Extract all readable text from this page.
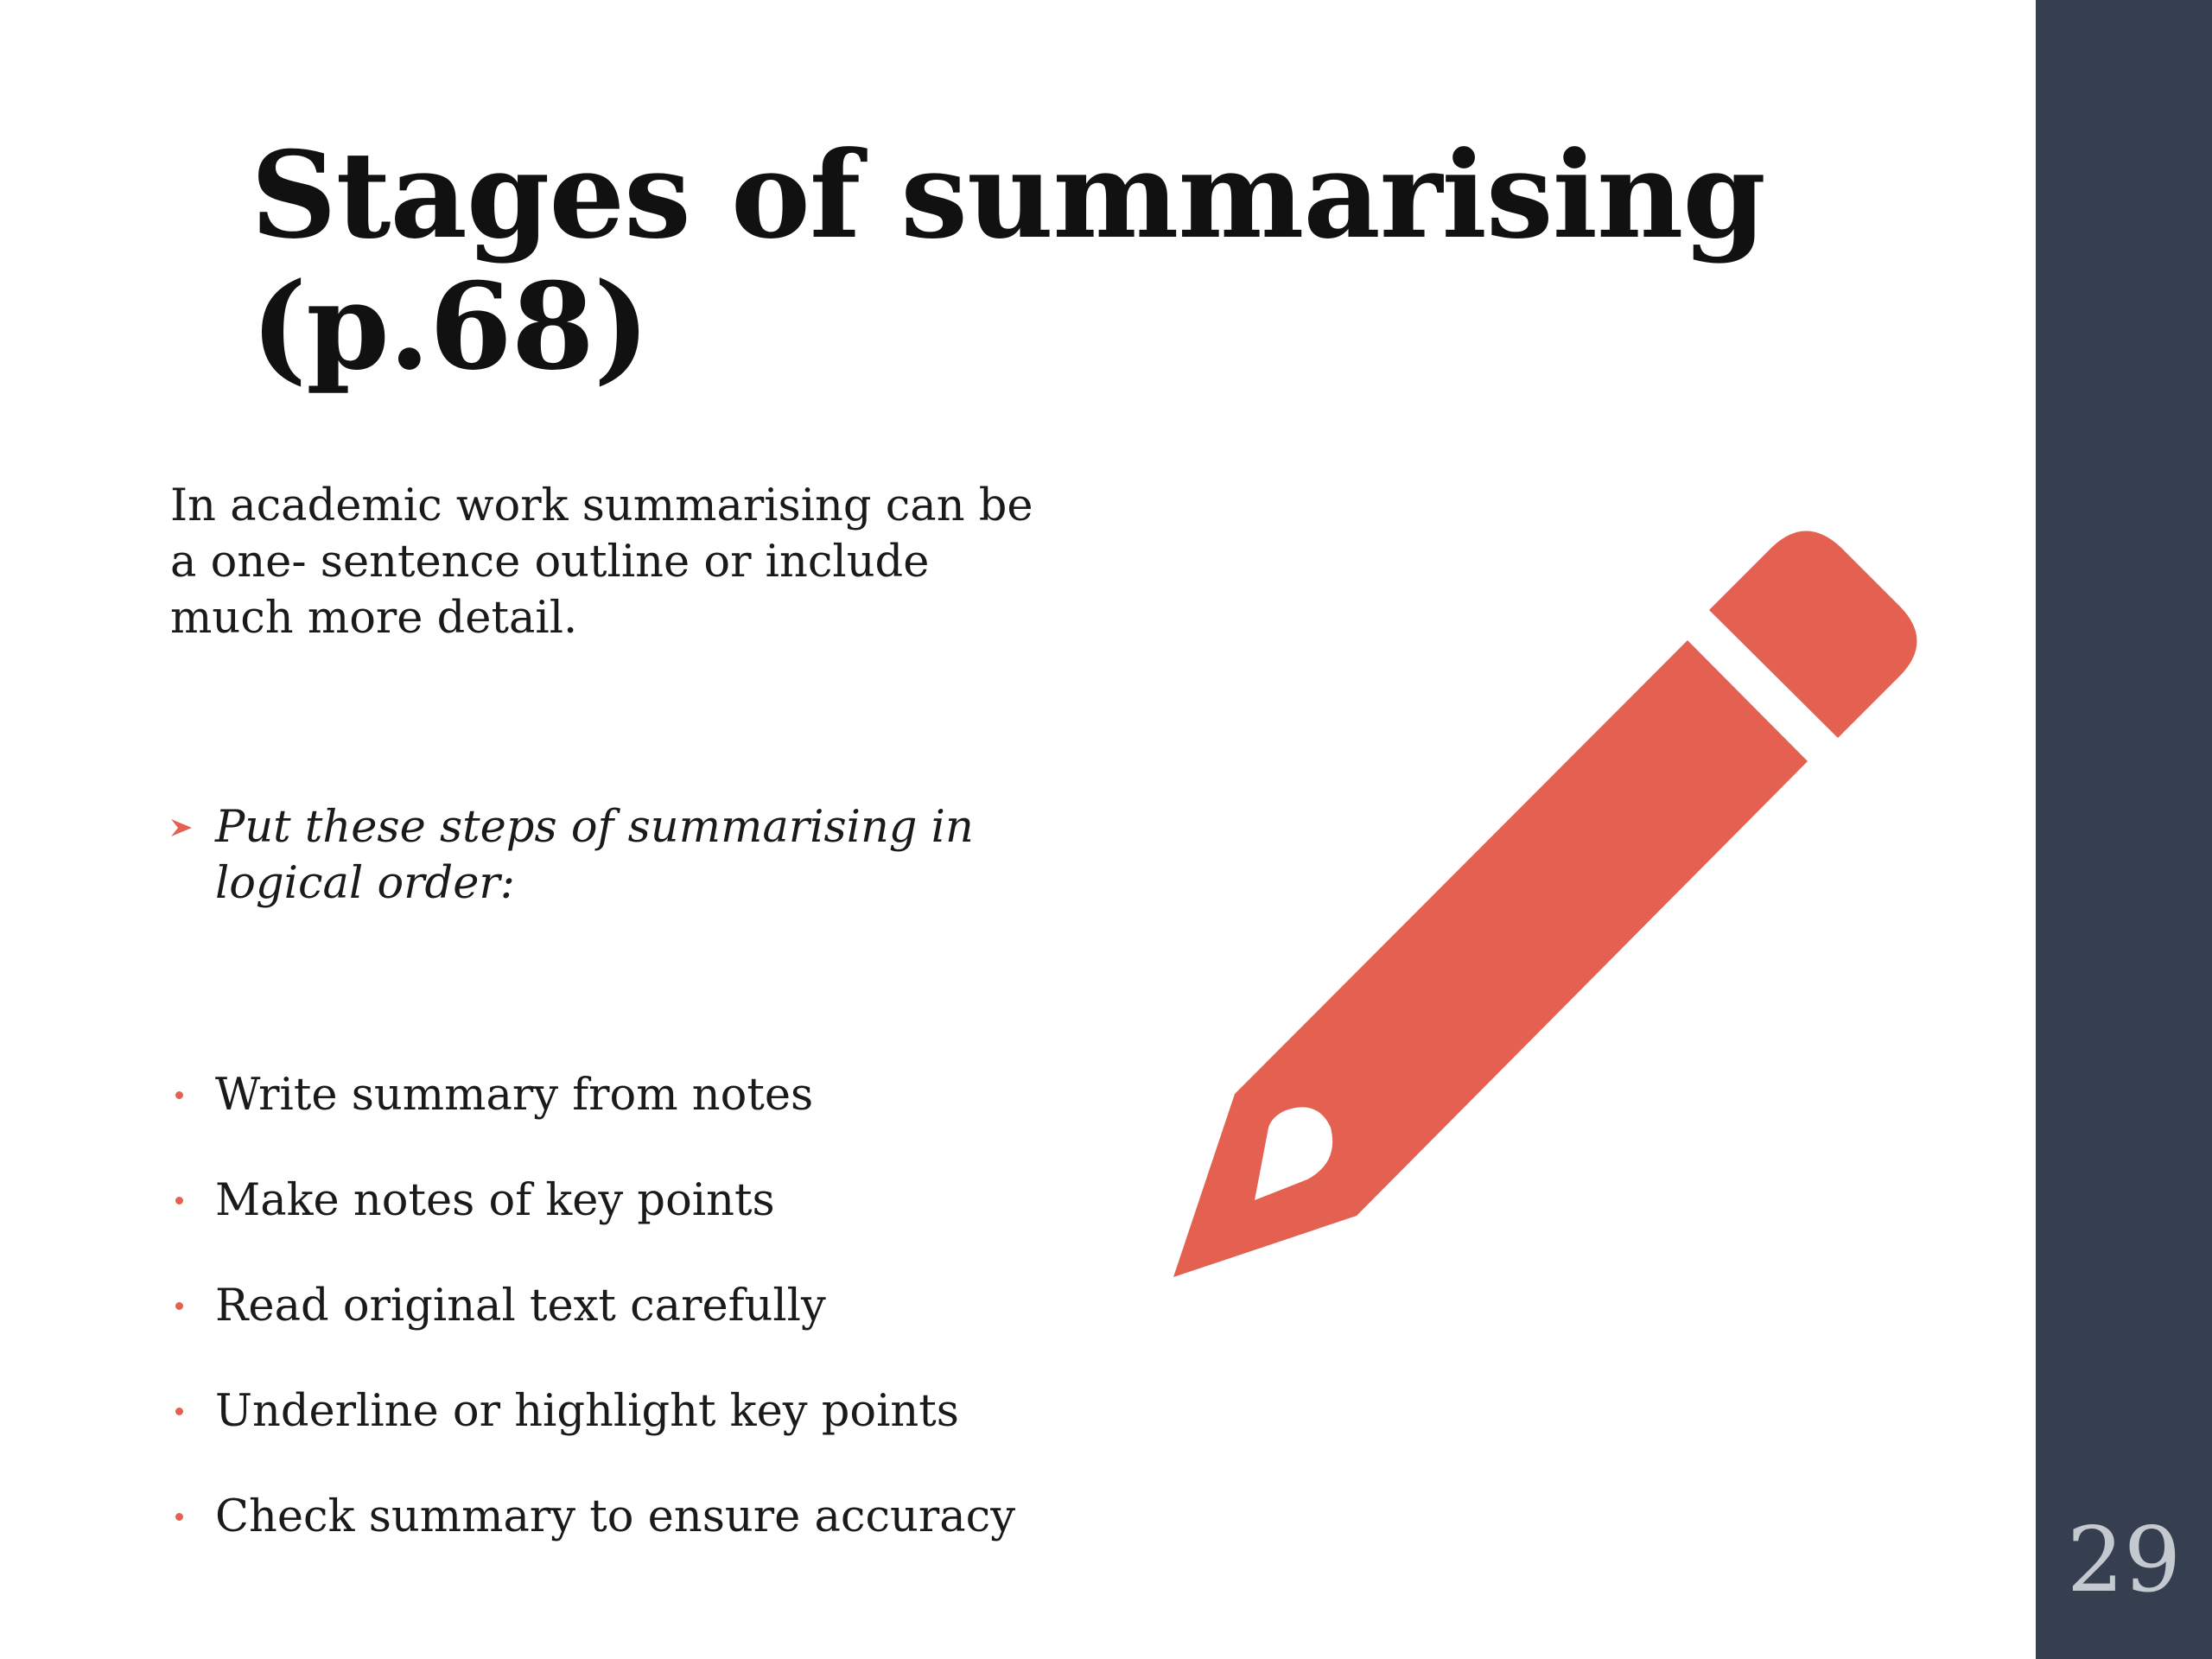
Stages of summarising
(p.68)

In academic work summarising can be
a one- sentence outline or include
much more detail.

Put these steps of summarising in
logical order:
Write summary from notes
Make notes of key points
Read original text carefully
Underline or highlight key points
Check summary to ensure accuracy	29
